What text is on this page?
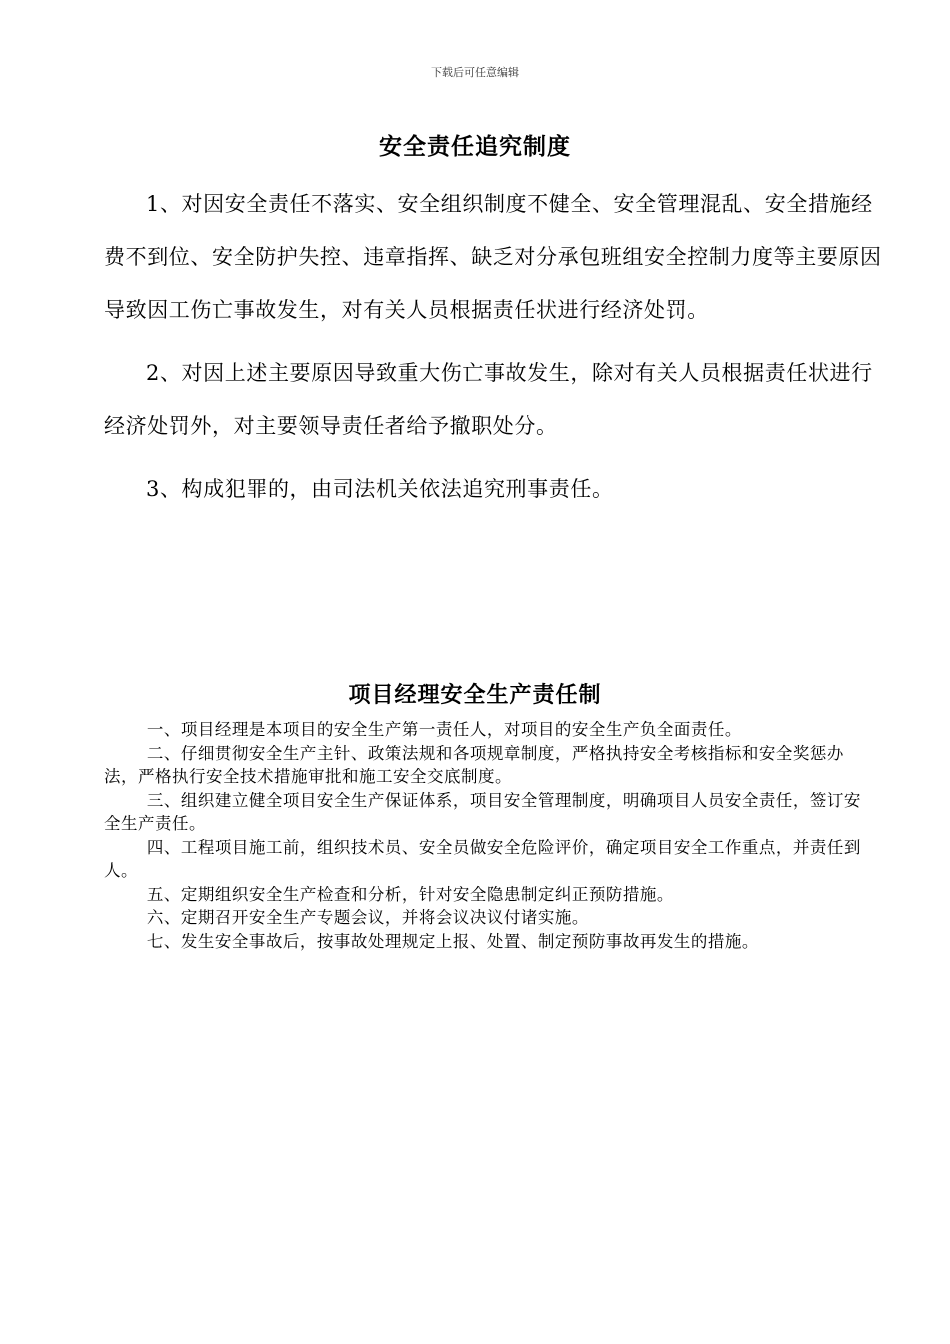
下载后可任意编辑
安全责任追究制度

1、对因安全责任不落实、安全组织制度不健全、安全管理混乱、安全措施经费不到位、安全防护失控、违章指挥、缺乏对分承包班组安全控制力度等主要原因导致因工伤亡事故发生，对有关人员根据责任状进行经济处罚。

2、对因上述主要原因导致重大伤亡事故发生，除对有关人员根据责任状进行经济处罚外，对主要领导责任者给予撤职处分。

3、构成犯罪的，由司法机关依法追究刑事责任。

项目经理安全生产责任制

一、项目经理是本项目的安全生产第一责任人，对项目的安全生产负全面责任。

二、仔细贯彻安全生产主针、政策法规和各项规章制度，严格执持安全考核指标和安全奖惩办法，严格执行安全技术措施审批和施工安全交底制度。

三、组织建立健全项目安全生产保证体系，项目安全管理制度，明确项目人员安全责任，签订安全生产责任。

四、工程项目施工前，组织技术员、安全员做安全危险评价，确定项目安全工作重点，并责任到人。

五、定期组织安全生产检查和分析，针对安全隐患制定纠正预防措施。

六、定期召开安全生产专题会议，并将会议决议付诸实施。

七、发生安全事故后，按事故处理规定上报、处置、制定预防事故再发生的措施。
